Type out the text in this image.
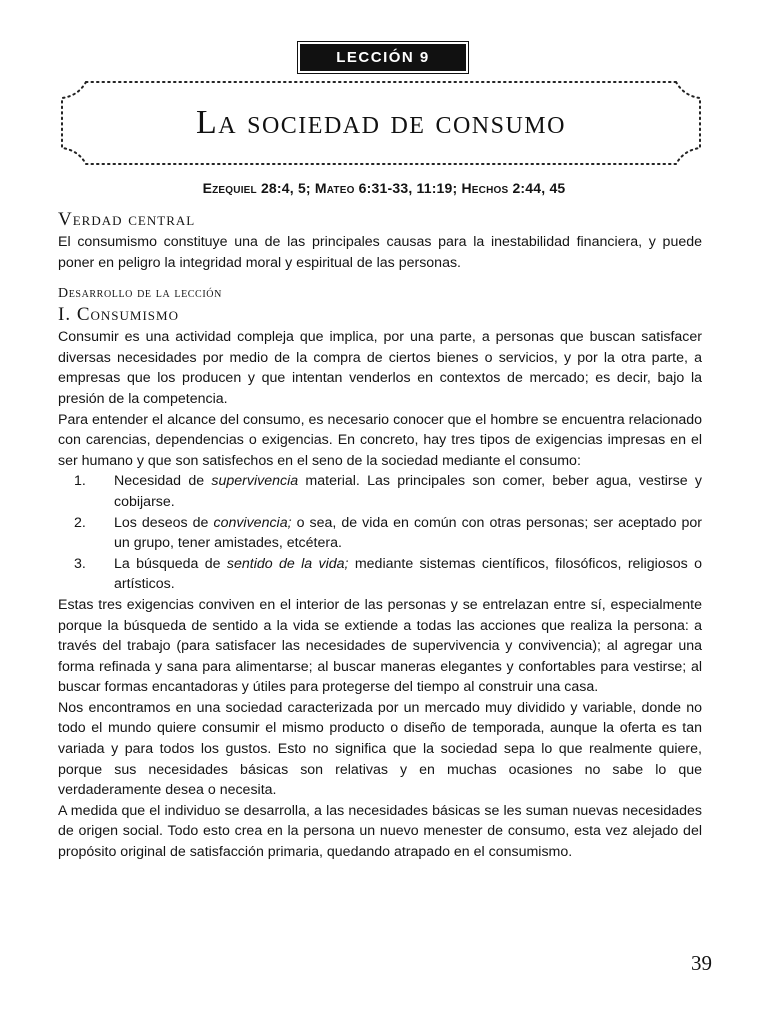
LECCIÓN 9
La sociedad de consumo
Ezequiel 28:4, 5; Mateo 6:31-33, 11:19; Hechos 2:44, 45
Verdad central

El consumismo constituye una de las principales causas para la inestabilidad financiera, y puede poner en peligro la integridad moral y espiritual de las personas.

Desarrollo de la lección
I. Consumismo

Consumir es una actividad compleja que implica, por una parte, a personas que buscan satisfacer diversas necesidades por medio de la compra de ciertos bienes o servicios, y por la otra parte, a empresas que los producen y que intentan venderlos en contextos de mercado; es decir, bajo la presión de la competencia.

Para entender el alcance del consumo, es necesario conocer que el hombre se encuentra relacionado con carencias, dependencias o exigencias. En concreto, hay tres tipos de exigencias impresas en el ser humano y que son satisfechos en el seno de la sociedad mediante el consumo:

1. Necesidad de supervivencia material. Las principales son comer, beber agua, vestirse y cobijarse.
2. Los deseos de convivencia; o sea, de vida en común con otras personas; ser aceptado por un grupo, tener amistades, etcétera.
3. La búsqueda de sentido de la vida; mediante sistemas científicos, filosóficos, religiosos o artísticos.

Estas tres exigencias conviven en el interior de las personas y se entrelazan entre sí, especialmente porque la búsqueda de sentido a la vida se extiende a todas las acciones que realiza la persona: a través del trabajo (para satisfacer las necesidades de supervivencia y convivencia); al agregar una forma refinada y sana para alimentarse; al buscar maneras elegantes y confortables para vestirse; al buscar formas encantadoras y útiles para protegerse del tiempo al construir una casa.

Nos encontramos en una sociedad caracterizada por un mercado muy dividido y variable, donde no todo el mundo quiere consumir el mismo producto o diseño de temporada, aunque la oferta es tan variada y para todos los gustos. Esto no significa que la sociedad sepa lo que realmente quiere, porque sus necesidades básicas son relativas y en muchas ocasiones no sabe lo que verdaderamente desea o necesita.

A medida que el individuo se desarrolla, a las necesidades básicas se les suman nuevas necesidades de origen social. Todo esto crea en la persona un nuevo menester de consumo, esta vez alejado del propósito original de satisfacción primaria, quedando atrapado en el consumismo.

39
